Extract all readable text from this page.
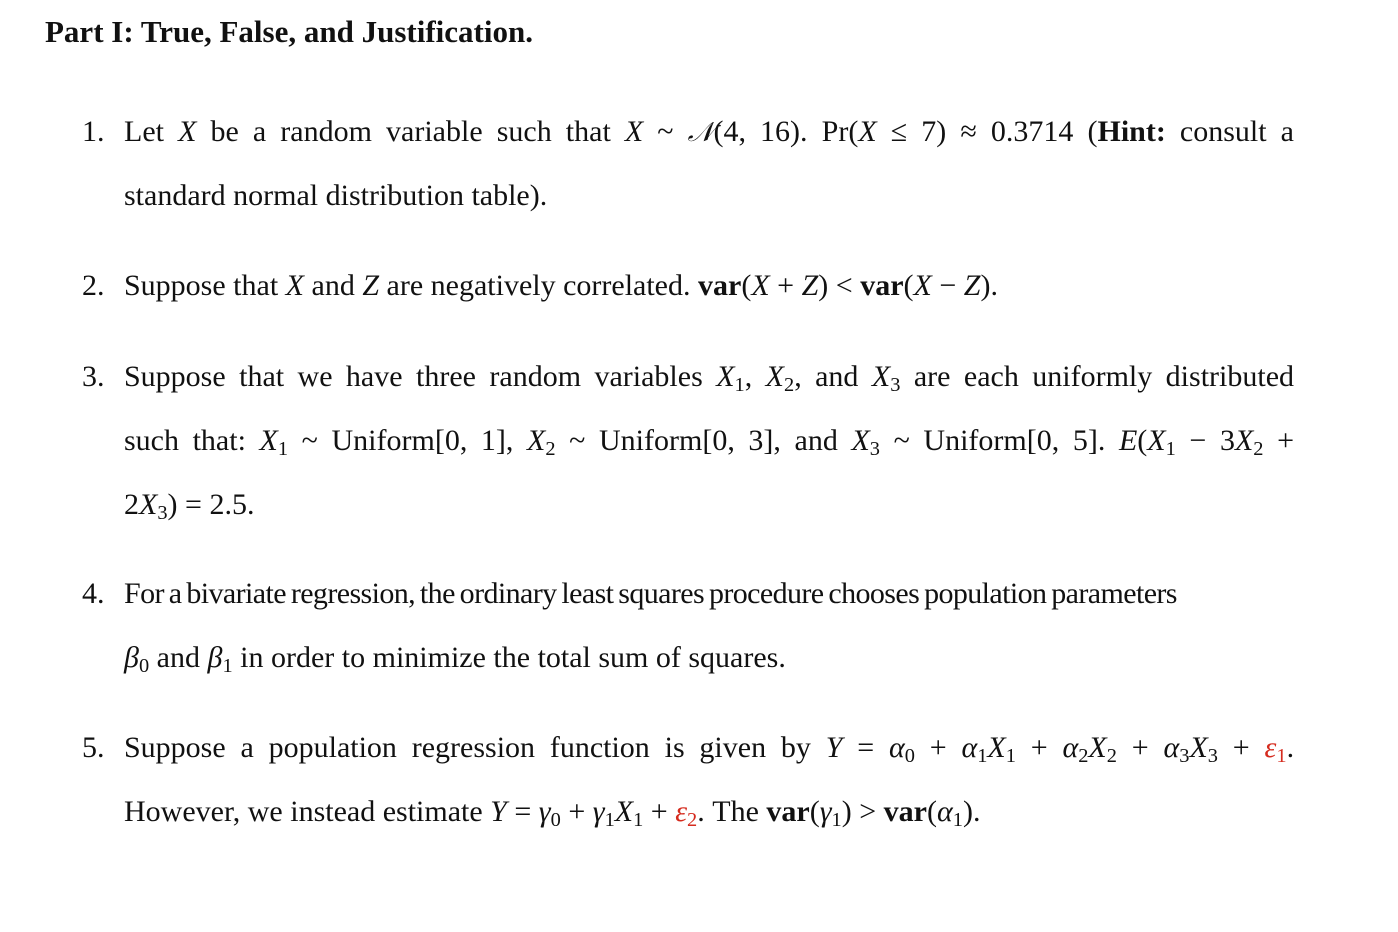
Part I: True, False, and Justification.
1. Let X be a random variable such that X ~ 𝒩(4, 16). Pr(X ≤ 7) ≈ 0.3714 (Hint: consult a
standard normal distribution table).
2. Suppose that X and Z are negatively correlated. var(X + Z) < var(X − Z).
3. Suppose that we have three random variables $X_1$, $X_2$, and $X_3$ are each uniformly distributed
such that: $X_1$ ~ Uniform[0, 1], $X_2$ ~ Uniform[0, 3], and $X_3$ ~ Uniform[0, 5]. $E(X_1 - 3X_2$ +
$2X_3) = 2.5$.
4. For a bivariate regression, the ordinary least squares procedure chooses population parameters
$\beta_0$ and $\beta_1$ in order to minimize the total sum of squares.
5. Suppose a population regression function is given by $Y = \alpha_0 + \alpha_1X_1 + \alpha_2X_2 + \alpha_3X_3 + \varepsilon_1$.
However, we instead estimate $Y = \gamma_0 + \gamma_1X_1 + \varepsilon_2$. The $var(\gamma_1) > var(\alpha_1)$.
